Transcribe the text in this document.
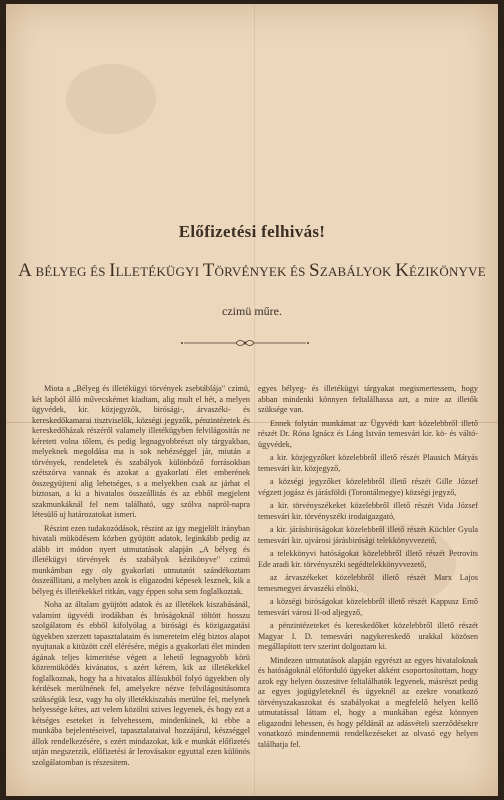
Előfizetési felhivás!
A BÉLYEG ÉS ILLETÉKÜGYI TÖRVÉNYEK ÉS SZABÁLYOK KÉZIKÖNYVE
czimü műre.

Miota a „Bélyeg és illetékügyi törvények zsebtáblája" czimü, két lapból álló művecskémet kiadtam, alig mult el hét, a melyen ügyvédek, kir. közjegyzők, birósági-, árvaszéki- és kereskedőkamarai tisztviselők, községi jegyzők, pénzintézetek és kereskedőházak részéről valamely illetékügyben felvilágositás ne kéretett volna tőlem, és pedig legnagyobbrészt oly tárgyakban, melyeknek megoldása ma is sok nehézséggel jár, miután a törvények, rendeletek és szabályok különböző forrásokban szétszórva vannak és azokat a gyakorlati élet emberének összegyüjteni alig lehetséges, s a melyekben csak az járhat el biztosan, a ki a hivatalos összeállitás és az ebből megjelent szakmunkáknál fel nem található, ugy szólva napról-napra létesülő uj határozatokat ismeri.

Részint ezen tudakozódások, részint az igy megjelölt irányban hivatali müködésem közben gyüjtött adatok, leginkább pedig az alább irt módon nyert utmutatások alapján „A bélyeg és illetékügyi törvények és szabályok kézikönyve" czimü munkámban egy oly gyakorlati utmutatót szándékoztam összeállitani, a melyben azok is eligazodni képesek lesznek, kik a bélyeg és illetékekkel ritkán, vagy éppen soha sem foglalkoztak.

Noha az általam gyüjtött adatok és az illetékek kiszabásánál, valamint ügyvédi irodákban és bróságoknál töltött hosszu szolgálatom és ebből kifolyólag a birósági és közigazgatási ügyekben szerzett tapasztalataim és ismereteim elég biztos alapot nyujtanak a kitüzött czél elérésére, mégis a gyakorlati élet minden ágának teljes kimeritése végett a lehető legnagyobb körü közremüködés kivánatos, s azért kérem, kik az illetékekkel foglalkoznak, hogy ha a hivatalos állásukból folyó ügyekben oly kérdések merülnének fel, amelyekre nézve felvilágositásomra szükségük lesz, vagy ha oly illetékkiszabás merülne fel, melynek helyessége kétes, azt velem közölni szives legyenek, és hogy ezt a kétséges eseteket is felvehessem, mindenkinek, ki ebbe a munkába bejelentéseivel, tapasztalataival hozzájárul, készséggel állok rendelkezésére, s ezért mindazokat, kik e munkát előfizetés utján megszerzik, előfizetési ár lerovásakor egyuttal ezen különös szolgálatomban is részesitem.

egyes bélyeg- és illetékügyi tárgyakat megismertessem, hogy abban mindenki könnyen feltalálhassa azt, a mire az illetők szüksége van.

Ennek folytán munkámat az Ügyvédi kart közelebbről illető részét Dr. Róna Ignácz és Láng István temesvári kir. kö- és váltó-ügyvédek,

a kir. közjegyzőket közelebbről illető részét Plausich Mátyás temesvári kir. közjegyző,

a községi jegyzőket közelebbről illető részét Gille József végzett jogász és járásföldi (Torontálmegye) községi jegyző,

a kir. törvényszékeket közelebbről illető részét Vida József temesvári kir. törvényszéki irodaigazgató,

a kir. járásbiróságokat közelebbről illető részét Küchler Gyula temesvári kir. ujvárosi járásbirósági telekkönyvvezető,

a telekkönyvi hatóságokat közelebbről illető részét Petrovits Ede aradi kir. törvényszéki segédtelekkönyvvezető,

az árvaszékeket közelebbről illető részét Marx Lajos temesmegyei árvaszéki elnöki,

a községi biróságokat közelebbről illető részét Kappusz Ernő temesvári városi II-od aljegyző,

a pénzintézeteket és kereskedőket közelebbről illető részét Magyar I. D. temesvári nagykereskedő urakkal közösen megállapított terv szerint dolgoztam ki.

Mindezen utmutatások alapján egyrészt az egyes hivataloknak és hatóságoknál előforduló ügyeket akként csoportosítottam, hogy azok egy helyen összesitve feltalálhatók legyenek, másrészt pedig az egyes jogügyleteknél és ügyeknél az ezekre vonatkozó törvényszakaszokat és szabályokat a megfelelő helyen kellő utmutatással láttam el, hogy a munkában egész könnyen eligazodni lehessen, és hogy példánál az adásvételi szerződésekre vonatkozó mindennemü rendelkezéseket az olvasó egy helyen találhatja fel.
